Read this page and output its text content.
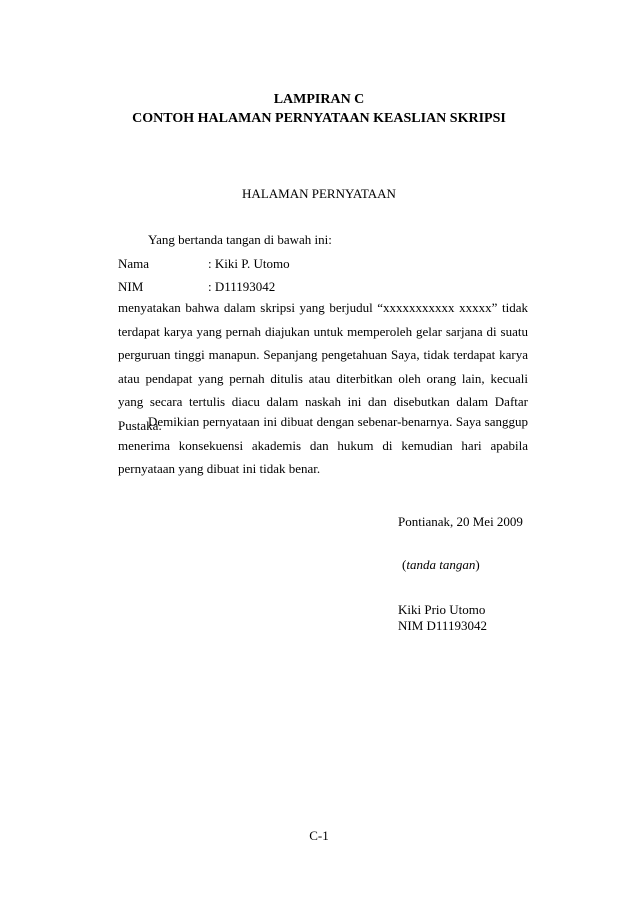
LAMPIRAN C
CONTOH HALAMAN PERNYATAAN KEASLIAN SKRIPSI
HALAMAN PERNYATAAN
Yang bertanda tangan di bawah ini:
Nama	: Kiki P. Utomo
NIM	: D11193042

menyatakan bahwa dalam skripsi yang berjudul “xxxxxxxxxxx xxxxx” tidak terdapat karya yang pernah diajukan untuk memperoleh gelar sarjana di suatu perguruan tinggi manapun. Sepanjang pengetahuan Saya, tidak terdapat karya atau pendapat yang pernah ditulis atau diterbitkan oleh orang lain, kecuali yang secara tertulis diacu dalam naskah ini dan disebutkan dalam Daftar Pustaka.

Demikian pernyataan ini dibuat dengan sebenar-benarnya. Saya sanggup menerima konsekuensi akademis dan hukum di kemudian hari apabila pernyataan yang dibuat ini tidak benar.

Pontianak, 20 Mei 2009
(tanda tangan)
Kiki Prio Utomo
NIM D11193042
C-1
